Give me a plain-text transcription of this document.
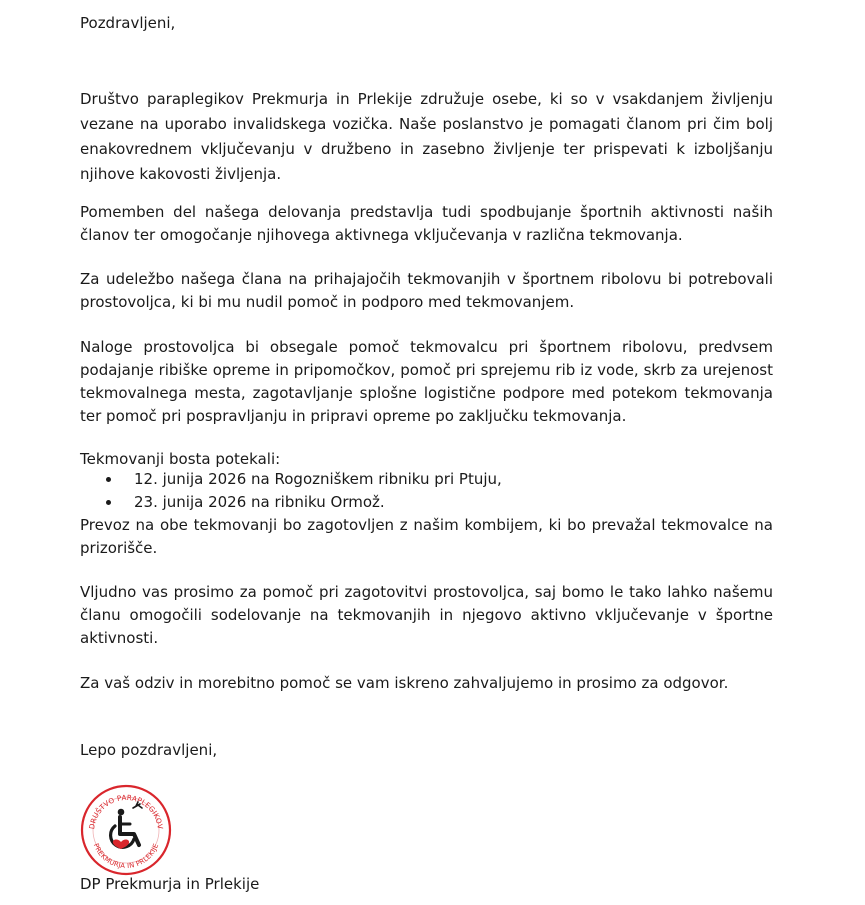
Pozdravljeni,

Društvo paraplegikov Prekmurja in Prlekije združuje osebe, ki so v vsakdanjem življenju vezane na uporabo invalidskega vozička. Naše poslanstvo je pomagati članom pri čim bolj enakovrednem vključevanju v družbeno in zasebno življenje ter prispevati k izboljšanju njihove kakovosti življenja.

Pomemben del našega delovanja predstavlja tudi spodbujanje športnih aktivnosti naših članov ter omogočanje njihovega aktivnega vključevanja v različna tekmovanja.

Za udeležbo našega člana na prihajajočih tekmovanjih v športnem ribolovu bi potrebovali prostovoljca, ki bi mu nudil pomoč in podporo med tekmovanjem.

Naloge prostovoljca bi obsegale pomoč tekmovalcu pri športnem ribolovu, predvsem podajanje ribiške opreme in pripomočkov, pomoč pri sprejemu rib iz vode, skrb za urejenost tekmovalnega mesta, zagotavljanje splošne logistične podpore med potekom tekmovanja ter pomoč pri pospravljanju in pripravi opreme po zaključku tekmovanja.

Tekmovanji bosta potekali:

12. junija 2026 na Rogozniškem ribniku pri Ptuju,
23. junija 2026 na ribniku Ormož.

Prevoz na obe tekmovanji bo zagotovljen z našim kombijem, ki bo prevažal tekmovalce na prizorišče.

Vljudno vas prosimo za pomoč pri zagotovitvi prostovoljca, saj bomo le tako lahko našemu članu omogočili sodelovanje na tekmovanjih in njegovo aktivno vključevanje v športne aktivnosti.

Za vaš odziv in morebitno pomoč se vam iskreno zahvaljujemo in prosimo za odgovor.

Lepo pozdravljeni,

DRUŠTVO PARAPLEGIKOV
PREKMURJA IN PRLEKIJE

DP Prekmurja in Prlekije
